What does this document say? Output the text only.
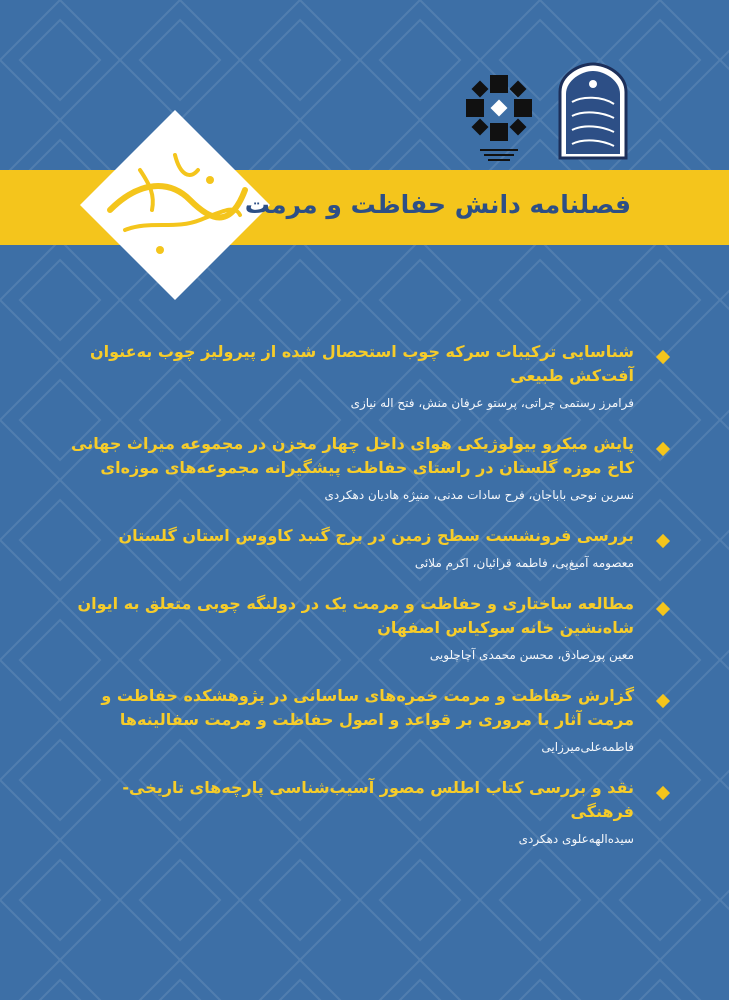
فصلنامه دانش حفاظت و مرمت
شناسایی ترکیبات سرکه چوب استحصال شده از پیرولیز چوب به‌عنوان آفت‌کش طبیعی
فرامرز رستمی چراتی، پرستو عرفان منش، فتح اله نیازی
پایش میکرو بیولوژیکی هوای داخل چهار مخزن در مجموعه میراث جهانی کاخ موزه گلستان در راستای حفاظت پیشگیرانه مجموعه‌های موزه‌ای
نسرین نوحی باباجان، فرح سادات مدنی، منیژه هادیان دهکردی
بررسی فرونشست سطح زمین در برج گنبد کاووس استان گلستان
معصومه آمیغ‌پی، فاطمه قرائیان، اکرم ملائی
مطالعه ساختاری و حفاظت و مرمت یک در دولنگه چوبی متعلق به ایوان شاه‌نشین خانه سوکیاس اصفهان
معین پورصادق، محسن محمدی آچاچلویی
گزارش حفاظت و مرمت خمره‌های ساسانی در پژوهشکده حفاظت و مرمت آثار با مروری بر قواعد و اصول حفاظت و مرمت سفالینه‌ها
فاطمه‌علی‌میرزایی
نقد و بررسی کتاب اطلس مصور آسیب‌شناسی پارچه‌های تاریخی-فرهنگی
سیده‌الهه‌علوی دهکردی
